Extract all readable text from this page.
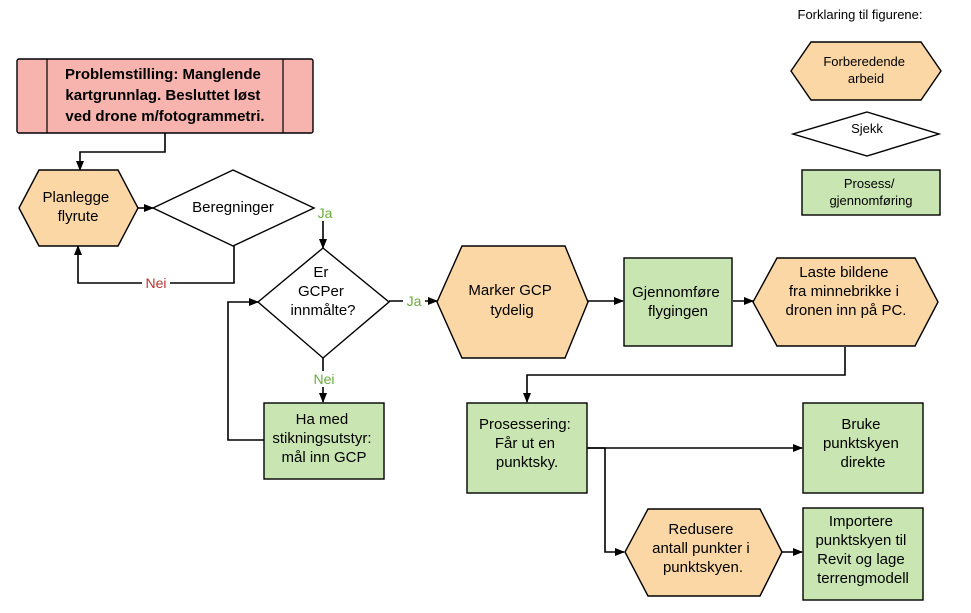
Forklaring til figurene:
Forberedende arbeid
Sjekk
Prosess/ gjennomføring
Ja
Nei
Ja
Nei
Problemstilling: Manglende kartgrunnlag. Besluttet løst ved drone m/fotogrammetri.
Planlegge flyrute
Beregninger
Er GCPer innmålte?
Ha med stikningsutstyr: mål inn GCP
Marker GCP tydelig
Gjennomføre flygingen
Laste bildene fra minnebrikke i dronen inn på PC.
Prosessering: Får ut en punktsky.
Bruke punktskyen direkte
Redusere antall punkter i punktskyen.
Importere punktskyen til Revit og lage terrengmodell
